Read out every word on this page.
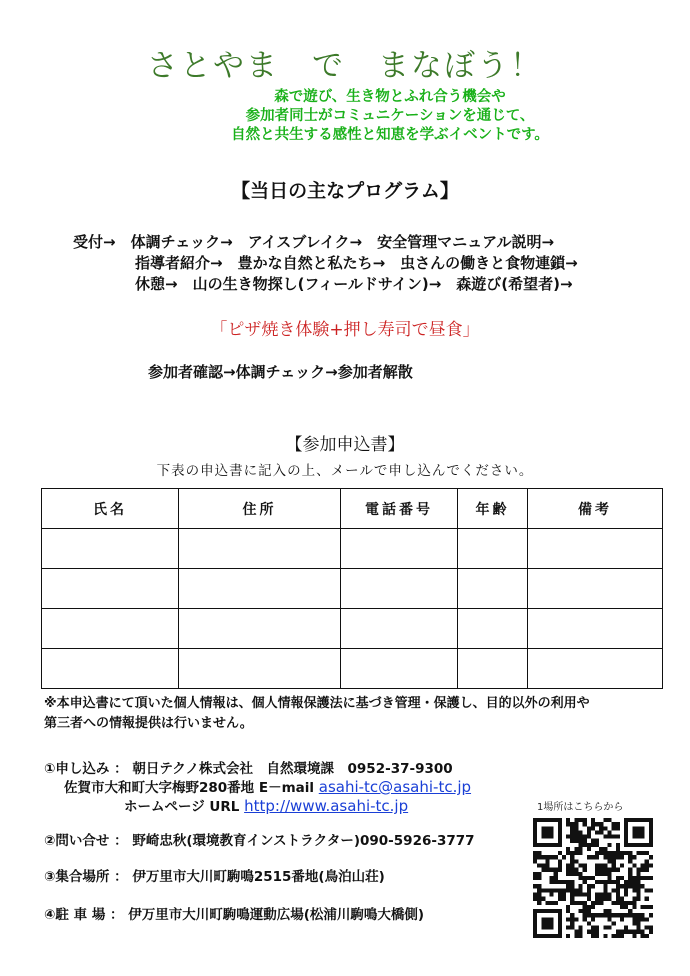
さとやま　で　まなぼう！
森で遊び、生き物とふれ合う機会や
参加者同士がコミュニケーションを通じて、
自然と共生する感性と知恵を学ぶイベントです。
【当日の主なプログラム】
受付→　体調チェック→　アイスブレイク→　安全管理マニュアル説明→
指導者紹介→　豊かな自然と私たち→　虫さんの働きと食物連鎖→
休憩→　山の生き物探し(フィールドサイン)→　森遊び(希望者)→
「ピザ焼き体験+押し寿司で昼食」
参加者確認→体調チェック→参加者解散
【参加申込書】
下表の申込書に記入の上、メールで申し込んでください。
氏名	住所	電話番号	年齢	備考

※本申込書にて頂いた個人情報は、個人情報保護法に基づき管理・保護し、目的以外の利用や
第三者への情報提供は行いません。
①申し込み ： 朝日テクノ株式会社　自然環境課　0952-37-9300
佐賀市大和町大字梅野280番地 E－mail asahi-tc@asahi-tc.jp
ホームページ URL http://www.asahi-tc.jp
②問い合せ ： 野崎忠秋(環境教育インストラクター)090-5926-3777
③集合場所 ： 伊万里市大川町駒鳴2515番地(鳥泊山荘)
④駐 車 場 ： 伊万里市大川町駒鳴運動広場(松浦川駒鳴大橋側)
1場所はこちらから
